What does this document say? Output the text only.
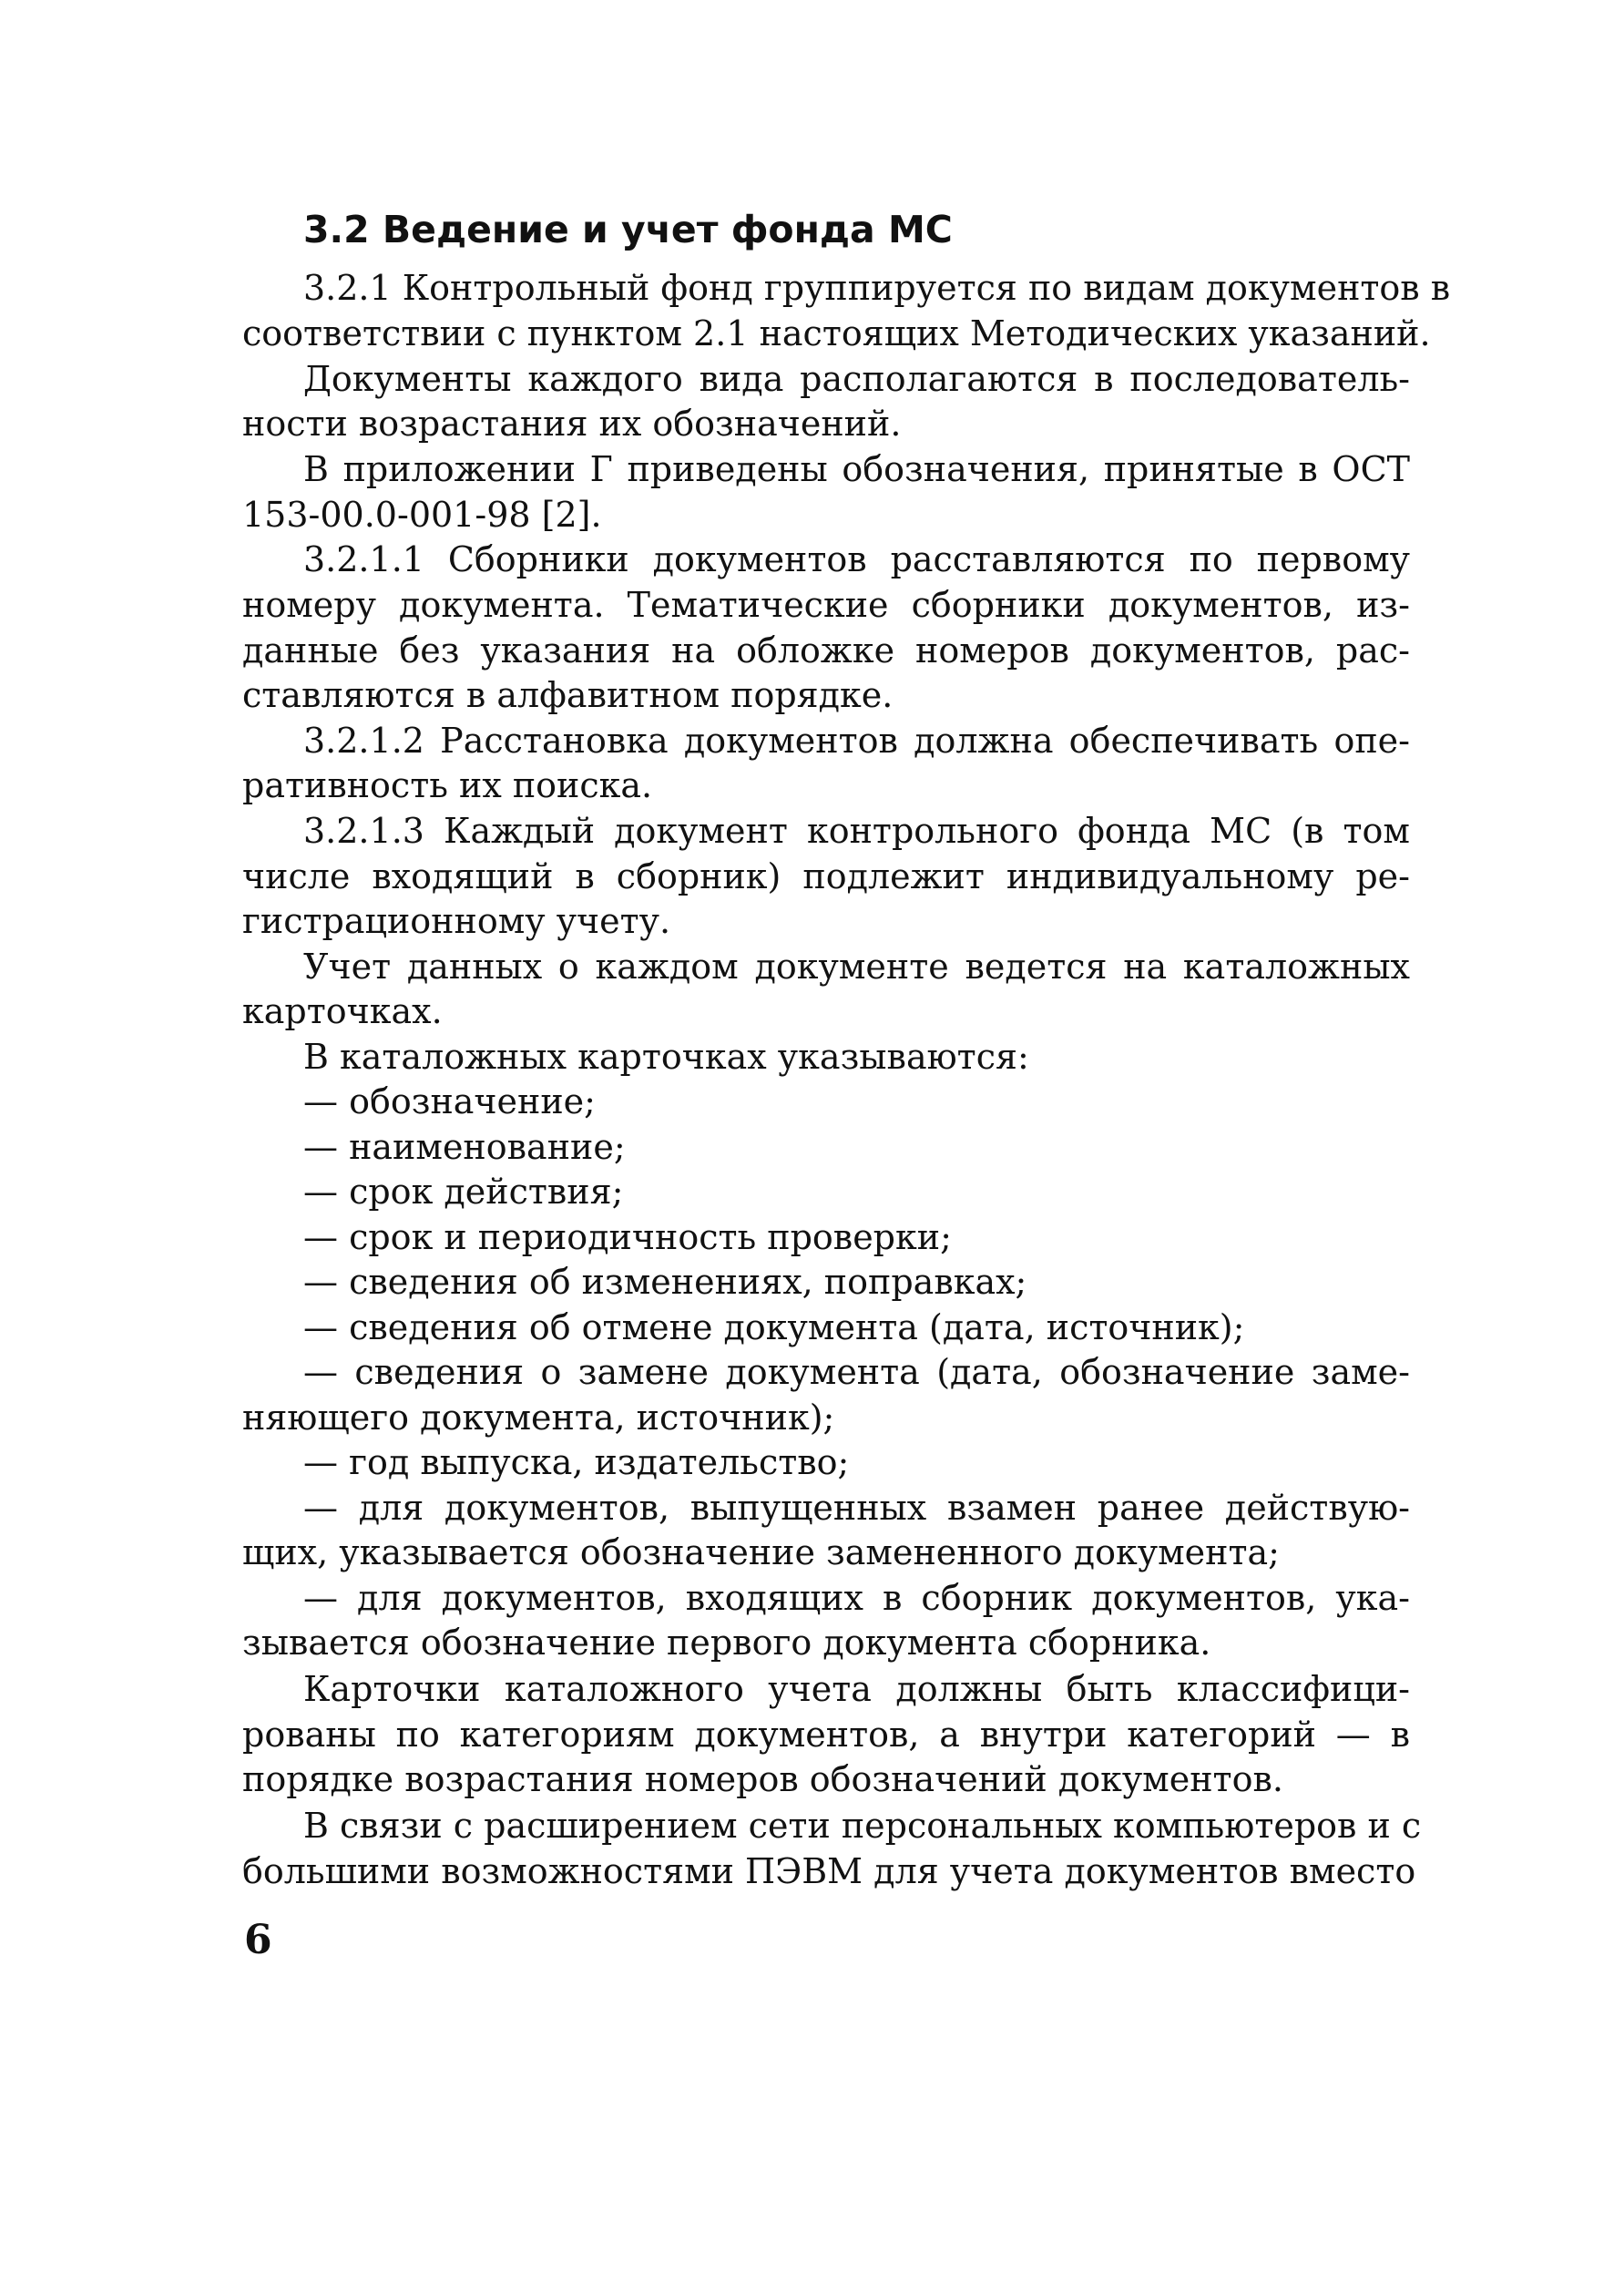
3.2 Ведение и учет фонда МС

3.2.1 Контрольный фонд группируется по видам документов в

соответствии с пунктом 2.1 настоящих Методических указаний.

Документы каждого вида располагаются в последователь-

ности возрастания их обозначений.

В приложении Г приведены обозначения, принятые в ОСТ

153-00.0-001-98 [2].

3.2.1.1 Сборники документов расставляются по первому

номеру документа. Тематические сборники документов, из-

данные без указания на обложке номеров документов, рас-

ставляются в алфавитном порядке.

3.2.1.2 Расстановка документов должна обеспечивать опе-

ративность их поиска.

3.2.1.3 Каждый документ контрольного фонда МС (в том

числе входящий в сборник) подлежит индивидуальному ре-

гистрационному учету.

Учет данных о каждом документе ведется на каталожных

карточках.

В каталожных карточках указываются:

— обозначение;

— наименование;

— срок действия;

— срок и периодичность проверки;

— сведения об изменениях, поправках;

— сведения об отмене документа (дата, источник);

— сведения о замене документа (дата, обозначение заме-

няющего документа, источник);

— год выпуска, издательство;

— для документов, выпущенных взамен ранее действую-

щих, указывается обозначение замененного документа;

— для документов, входящих в сборник документов, ука-

зывается обозначение первого документа сборника.

Карточки каталожного учета должны быть классифици-

рованы по категориям документов, а внутри категорий — в

порядке возрастания номеров обозначений документов.

В связи с расширением сети персональных компьютеров и с

большими возможностями ПЭВМ для учета документов вместо

6
